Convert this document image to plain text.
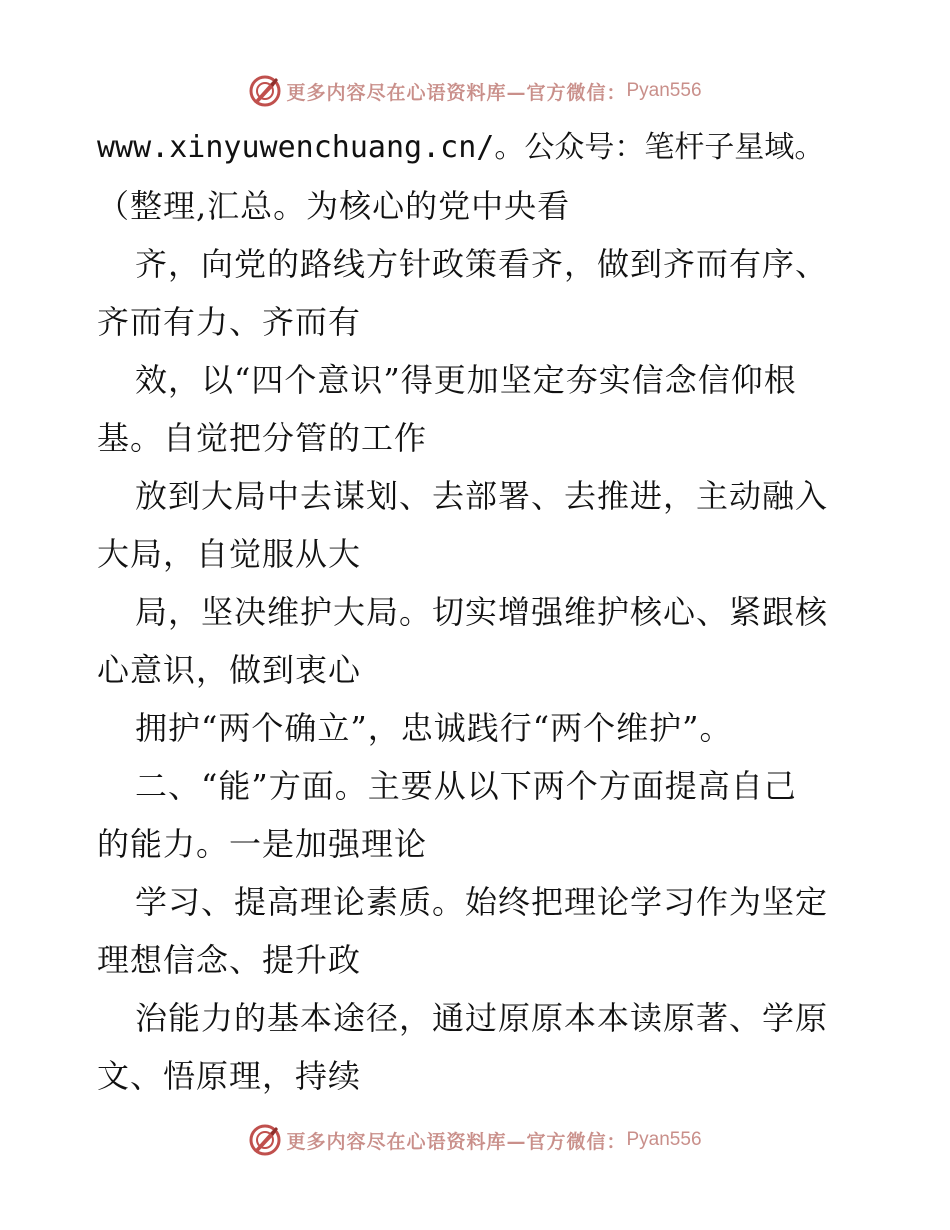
更多内容尽在心语资料库—官方微信： Pyan556
www.xinyuwenchuang.cn/。公众号：笔杆子星域。
（整理,汇总。为核心的党中央看
齐，向党的路线方针政策看齐，做到齐而有序、
齐而有力、齐而有
效，以“四个意识”得更加坚定夯实信念信仰根
基。自觉把分管的工作
放到大局中去谋划、去部署、去推进，主动融入
大局，自觉服从大
局，坚决维护大局。切实增强维护核心、紧跟核
心意识，做到衷心
拥护“两个确立”，忠诚践行“两个维护”。
二、“能”方面。主要从以下两个方面提高自己
的能力。一是加强理论
学习、提高理论素质。始终把理论学习作为坚定
理想信念、提升政
治能力的基本途径，通过原原本本读原著、学原
文、悟原理，持续
更多内容尽在心语资料库—官方微信： Pyan556
